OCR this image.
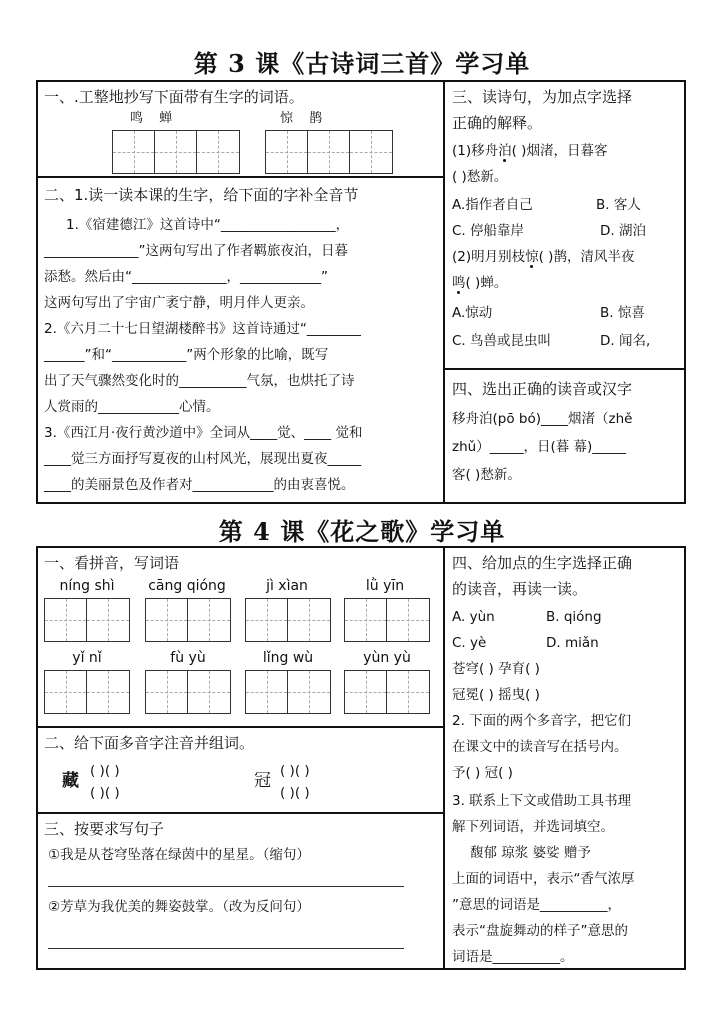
第 3 课《古诗词三首》学习单
一、.工整地抄写下面带有生字的词语。
鸣 蝉	惊 鹊
二、1.读一读本课的生字，给下面的字补全音节
1.《宿建德江》这首诗中“_________________，
______________”这两句写出了作者羁旅夜泊，日暮
添愁。然后由“______________，____________”
这两句写出了宇宙广袤宁静，明月伴人更亲。
2.《六月二十七日望湖楼醉书》这首诗通过“________
______”和“___________”两个形象的比喻，既写
出了天气骤然变化时的__________气氛，也烘托了诗
人赏雨的____________心情。
3.《西江月·夜行黄沙道中》全词从____觉、____ 觉和
____觉三方面抒写夏夜的山村风光，展现出夏夜_____
____的美丽景色及作者对____________的由衷喜悦。
三、读诗句，为加点字选择
正确的解释。
(1)移舟泊( )烟渚，日暮客
( )愁新。
A.指作者自己	B. 客人
C. 停船靠岸	D. 湖泊
(2)明月别枝惊( )鹊，清风半夜
鸣( )蝉。
A.惊动	B. 惊喜
C. 鸟兽或昆虫叫	D. 闻名,
四、选出正确的读音或汉字
移舟泊(pō bó)____烟渚（zhě
zhǔ）_____，日(暮 幕)_____
客( )愁新。
第 4 课《花之歌》学习单
一、看拼音，写词语
níng shì	cāng qióng	jì xìan	lǜ yīn
yǐ nǐ	fù yù	lǐng wù	yùn yù
二、给下面多音字注音并组词。
藏 ( )( )
( )( )
冠 ( )( )
( )( )
三、按要求写句子
①我是从苍穹坠落在绿茵中的星星。（缩句）
②芳草为我优美的舞姿鼓掌。（改为反问句）
四、给加点的生字选择正确
的读音，再读一读。
A. yùn	B. qióng
C. yè	D. miǎn
苍穹( ) 孕育( )
冠冕( ) 摇曳( )
2. 下面的两个多音字，把它们
在课文中的读音写在括号内。
予( ) 冠( )
3. 联系上下文或借助工具书理
解下列词语，并选词填空。
馥郁 琼浆 婆娑 赠予
上面的词语中，表示“香气浓厚
”意思的词语是__________，
表示“盘旋舞动的样子”意思的
词语是__________。
